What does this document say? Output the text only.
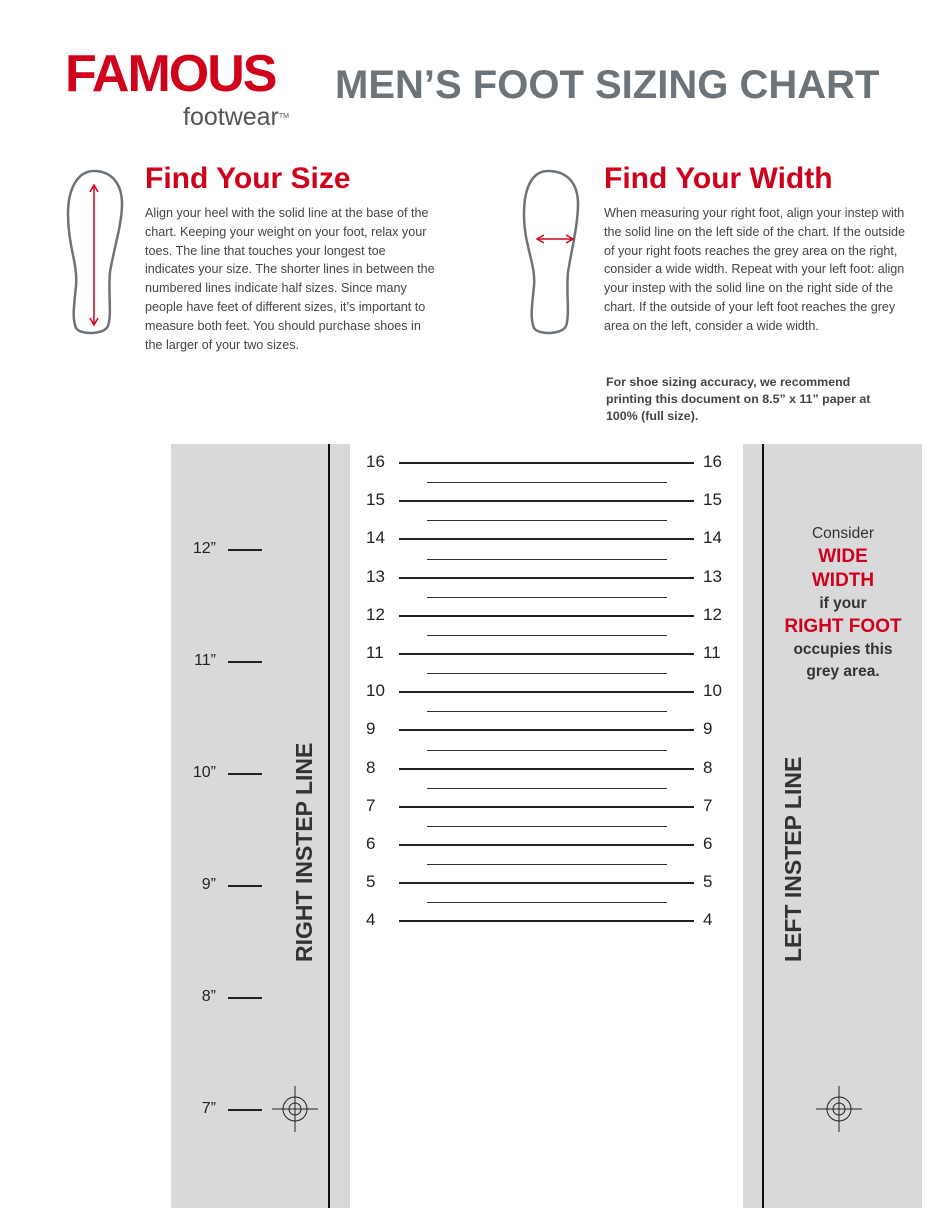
FAMOUS
footwear™
MEN’S FOOT SIZING CHART
Find Your Size
Align your heel with the solid line at the base of the chart. Keeping your weight on your foot, relax your toes. The line that touches your longest toe indicates your size. The shorter lines in between the numbered lines indicate half sizes. Since many people have feet of different sizes, it’s important to measure both feet. You should purchase shoes in the larger of your two sizes.
Find Your Width
When measuring your right foot, align your instep with the solid line on the left side of the chart. If the outside of your right foots reaches the grey area on the right, consider a wide width. Repeat with your left foot: align your instep with the solid line on the right side of the chart. If the outside of your left foot reaches the grey area on the left, consider a wide width.
For shoe sizing accuracy, we recommend printing this document on 8.5” x 11” paper at 100% (full size).
12”
11”
10”
9”
8”
7”
RIGHT INSTEP LINE	LEFT INSTEP LINE
Consider
WIDE
WIDTH
if your
RIGHT FOOT
occupies this
grey area.
16	16
15	15
14	14
13	13
12	12
11	11
10	10
9	9
8	8
7	7
6	6
5	5
4	4
